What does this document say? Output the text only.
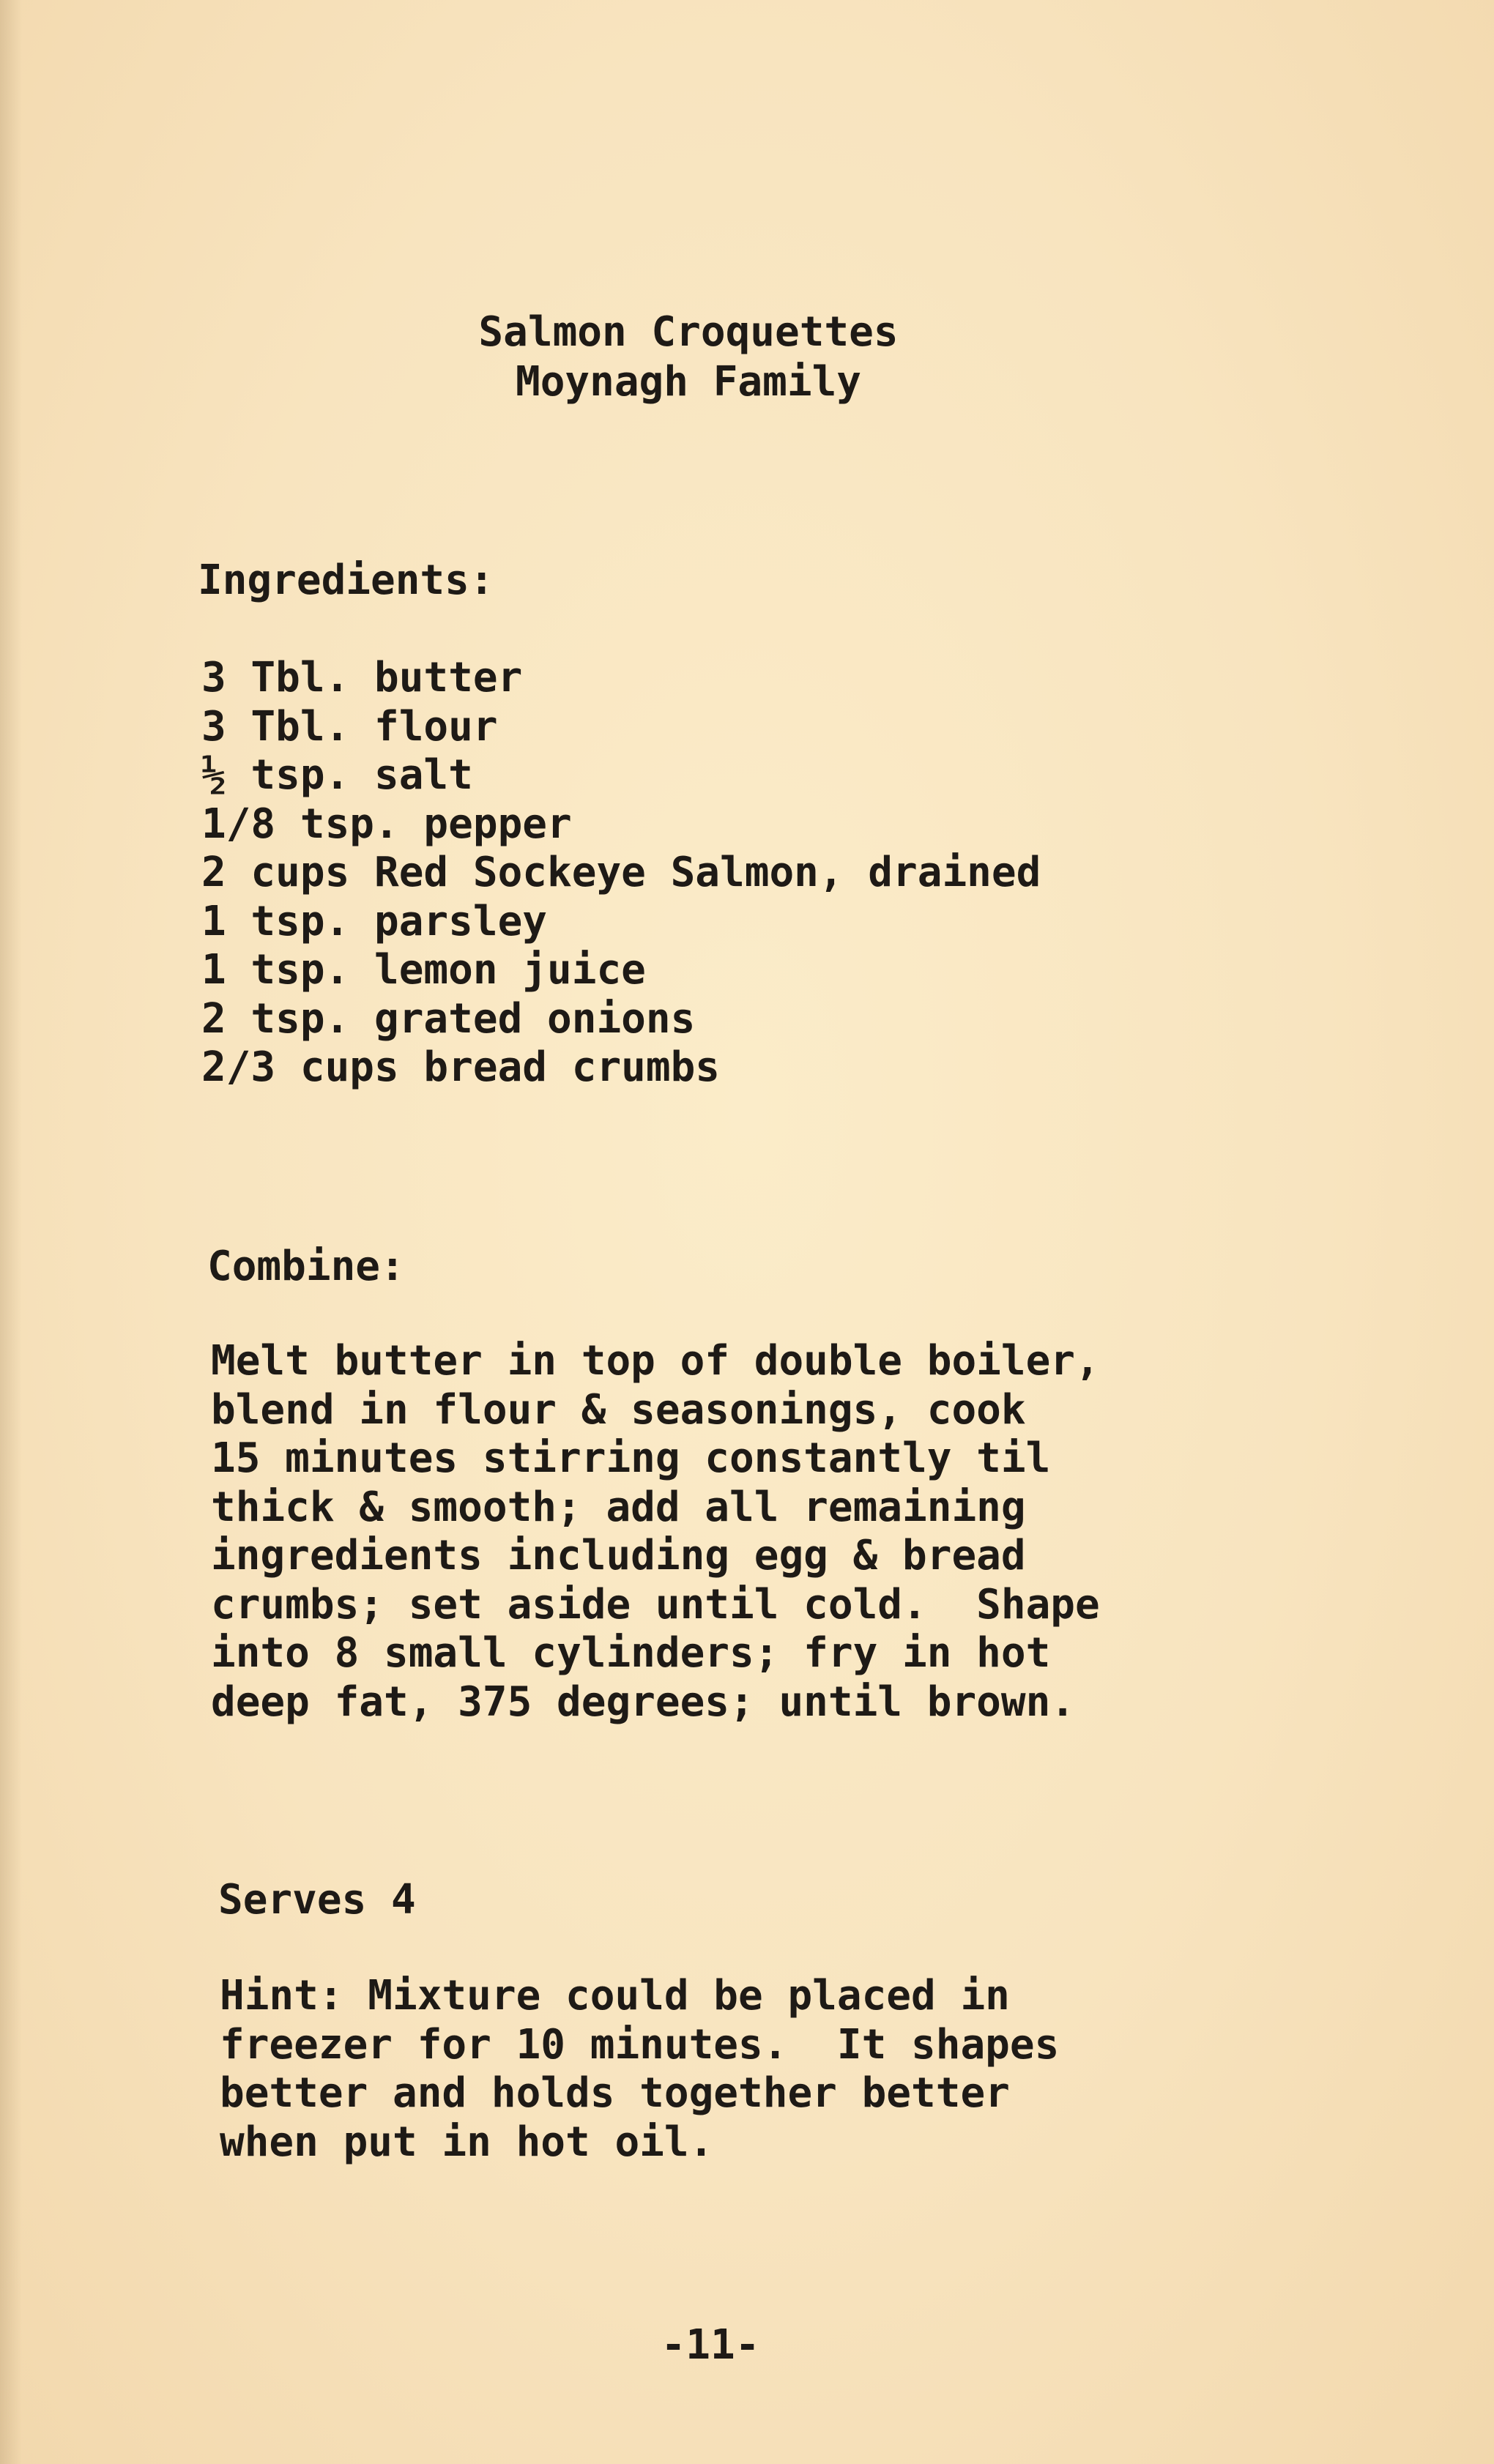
Salmon Croquettes
Moynagh Family
Ingredients:
3 Tbl. butter
3 Tbl. flour
½ tsp. salt
1/8 tsp. pepper
2 cups Red Sockeye Salmon, drained
1 tsp. parsley
1 tsp. lemon juice
2 tsp. grated onions
2/3 cups bread crumbs
Combine:
Melt butter in top of double boiler,
blend in flour & seasonings, cook
15 minutes stirring constantly til
thick & smooth; add all remaining
ingredients including egg & bread
crumbs; set aside until cold.  Shape
into 8 small cylinders; fry in hot
deep fat, 375 degrees; until brown.
Serves 4
Hint: Mixture could be placed in
freezer for 10 minutes.  It shapes
better and holds together better
when put in hot oil.
-11-
